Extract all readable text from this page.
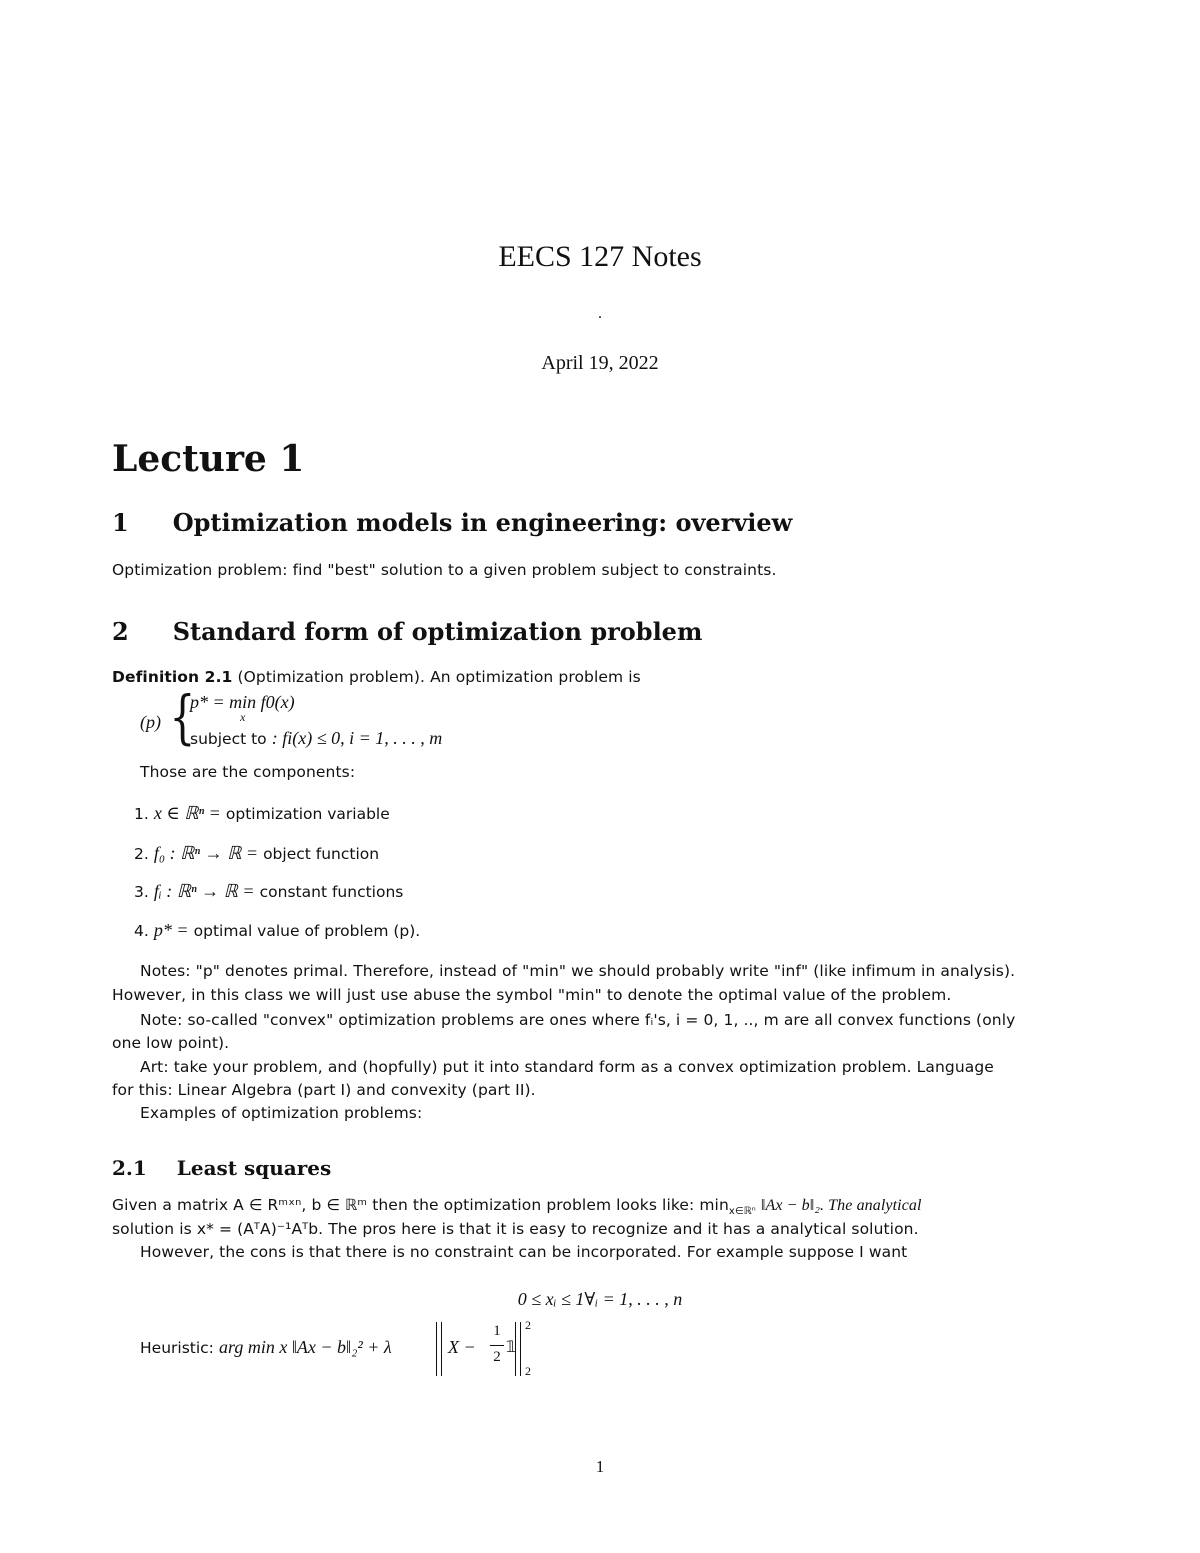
EECS 127 Notes
.
April 19, 2022
Lecture 1
1 Optimization models in engineering: overview
Optimization problem: find "best" solution to a given problem subject to constraints.
2 Standard form of optimization problem
Definition 2.1 (Optimization problem). An optimization problem is
(p) {
p* = min f0(x)
x
subject to : fi(x) ≤ 0, i = 1, . . . , m
Those are the components:
1. x ∈ ℝⁿ = optimization variable
2. f₀ : ℝⁿ → ℝ = object function
3. fᵢ : ℝⁿ → ℝ = constant functions
4. p* = optimal value of problem (p).
Notes: "p" denotes primal. Therefore, instead of "min" we should probably write "inf" (like infimum in analysis).
However, in this class we will just use abuse the symbol "min" to denote the optimal value of the problem.
Note: so-called "convex" optimization problems are ones where fᵢ's, i = 0, 1, .., m are all convex functions (only
one low point).
Art: take your problem, and (hopfully) put it into standard form as a convex optimization problem. Language
for this: Linear Algebra (part I) and convexity (part II).
Examples of optimization problems:
2.1 Least squares
Given a matrix A ∈ Rᵐˣⁿ, b ∈ ℝᵐ then the optimization problem looks like: $\min_{x\in ℝ^n}$ ‖Ax − b‖₂. The analytical
solution is x* = (AᵀA)⁻¹Aᵀb. The pros here is that it is easy to recognize and it has a analytical solution.
However, the cons is that there is no constraint can be incorporated. For example suppose I want
0 ≤ xᵢ ≤ 1∀ᵢ = 1, . . . , n
Heuristic: arg min x ‖Ax − b‖₂² + λ	X −
1
2
𝟙
2
2
1
